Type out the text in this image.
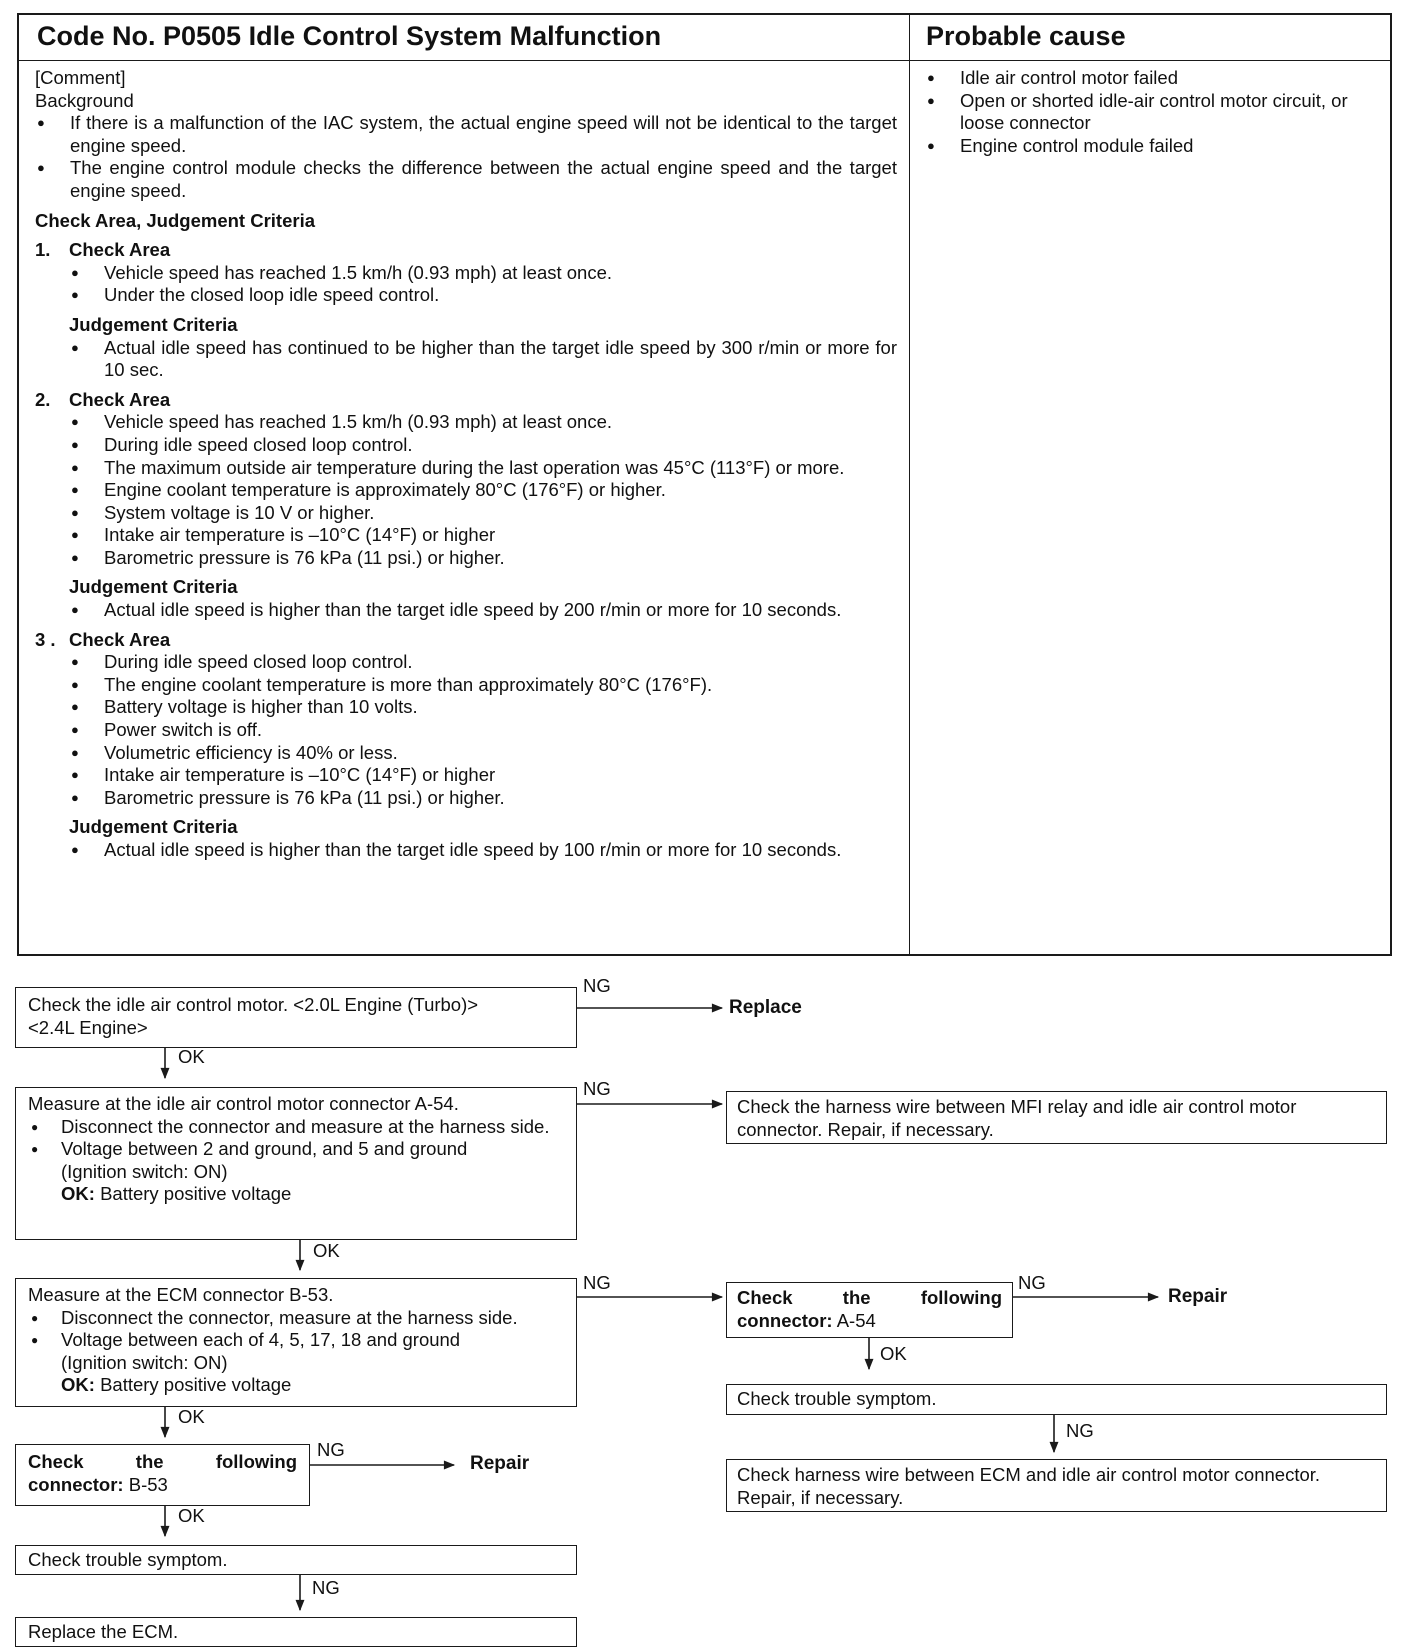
Code No. P0505 Idle Control System Malfunction	Probable cause

[Comment]

Background

● If there is a malfunction of the IAC system, the actual engine speed will not be identical to the target engine speed.

● The engine control module checks the difference between the actual engine speed and the target engine speed.

Check Area, Judgement Criteria

1. Check Area

● Vehicle speed has reached 1.5 km/h (0.93 mph) at least once.

● Under the closed loop idle speed control.

Judgement Criteria

● Actual idle speed has continued to be higher than the target idle speed by 300 r/min or more for 10 sec.

2. Check Area

● Vehicle speed has reached 1.5 km/h (0.93 mph) at least once.

● During idle speed closed loop control.

● The maximum outside air temperature during the last operation was 45°C (113°F) or more.

● Engine coolant temperature is approximately 80°C (176°F) or higher.

● System voltage is 10 V or higher.

● Intake air temperature is –10°C (14°F) or higher

● Barometric pressure is 76 kPa (11 psi.) or higher.

Judgement Criteria

● Actual idle speed is higher than the target idle speed by 200 r/min or more for 10 seconds.

3 . Check Area

● During idle speed closed loop control.

● The engine coolant temperature is more than approximately 80°C (176°F).

● Battery voltage is higher than 10 volts.

● Power switch is off.

● Volumetric efficiency is 40% or less.

● Intake air temperature is –10°C (14°F) or higher

● Barometric pressure is 76 kPa (11 psi.) or higher.

Judgement Criteria

● Actual idle speed is higher than the target idle speed by 100 r/min or more for 10 seconds.

● Idle air control motor failed

● Open or shorted idle-air control motor circuit, or loose connector

● Engine control module failed

Check the idle air control motor. <2.0L Engine (Turbo)>

<2.4L Engine>

Measure at the idle air control motor connector A-54.

● Disconnect the connector and measure at the harness side.

● Voltage between 2 and ground, and 5 and ground

(Ignition switch: ON)

OK: Battery positive voltage

Measure at the ECM connector B-53.

● Disconnect the connector, measure at the harness side.

● Voltage between each of 4, 5, 17, 18 and ground

(Ignition switch: ON)

OK: Battery positive voltage

Check the following connector: B-53

Check trouble symptom.

Replace the ECM.

Check the harness wire between MFI relay and idle air control motor connector. Repair, if necessary.

Check the following connector: A-54

Check trouble symptom.

Check harness wire between ECM and idle air control motor connector. Repair, if necessary.

NG
Replace
OK
NG
OK
NG	NG
Repair
OK
NG
OK
NG
Repair
OK
NG
